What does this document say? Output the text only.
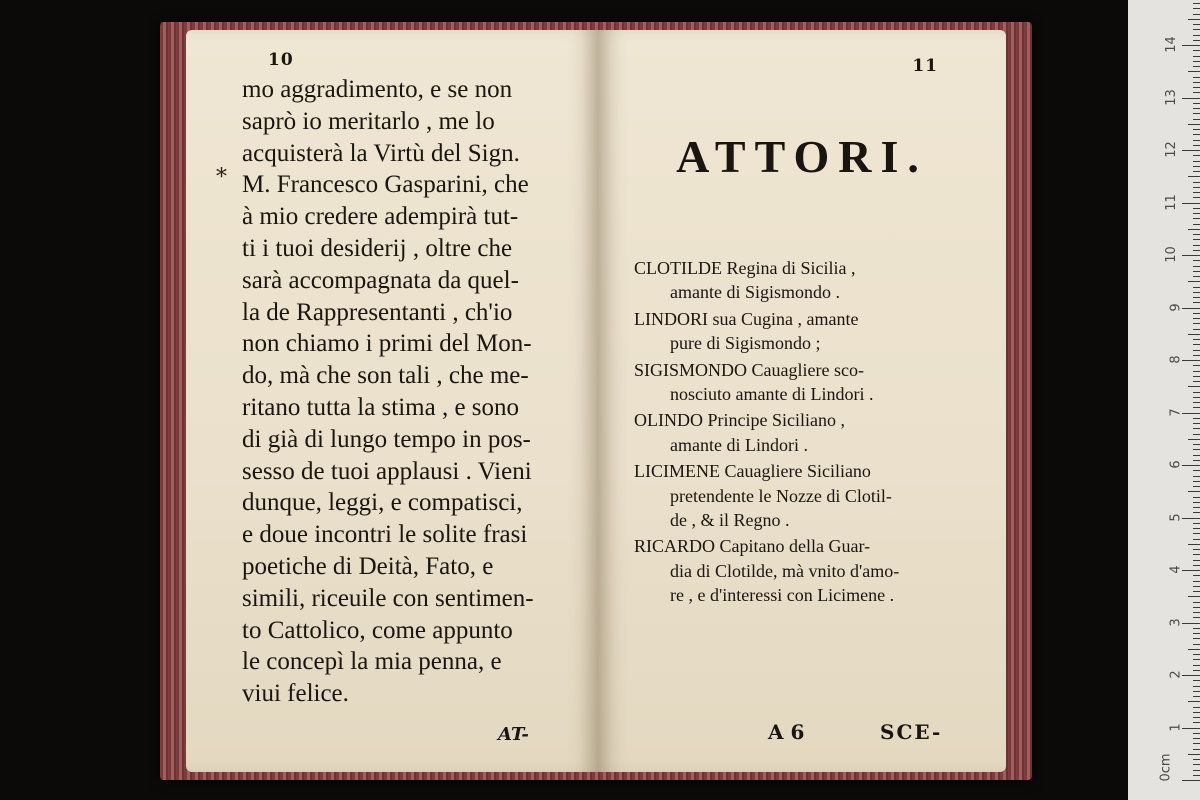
10
*
mo aggradimento, e se non
saprò io meritarlo , me lo
acquisterà la Virtù del Sign.
M. Francesco Gasparini, che
à mio credere adempirà tut-
ti i tuoi desiderij , oltre che
sarà accompagnata da quel-
la de Rappresentanti , ch'io
non chiamo i primi del Mon-
do, mà che son tali , che me-
ritano tutta la stima , e sono
di già di lungo tempo in pos-
sesso de tuoi applausi . Vieni
dunque, leggi, e compatisci,
e doue incontri le solite frasi
poetiche di Deità, Fato, e
simili, riceuile con sentimen-
to Cattolico, come appunto
le concepì la mia penna, e
viui felice.
AT-
11
ATTORI.
CLOTILDE Regina di Sicilia ,
amante di Sigismondo .
LINDORI sua Cugina , amante
pure di Sigismondo ;
SIGISMONDO Cauagliere sco-
nosciuto amante di Lindori .
OLINDO Principe Siciliano ,
amante di Lindori .
LICIMENE Cauagliere Siciliano
pretendente le Nozze di Clotil-
de , & il Regno .
RICARDO Capitano della Guar-
dia di Clotilde, mà vnito d'amo-
re , e d'interessi con Licimene .
A 6	SCE-
0cm
1
2
3
4
5
6
7
8
9
10
11
12
13
14
